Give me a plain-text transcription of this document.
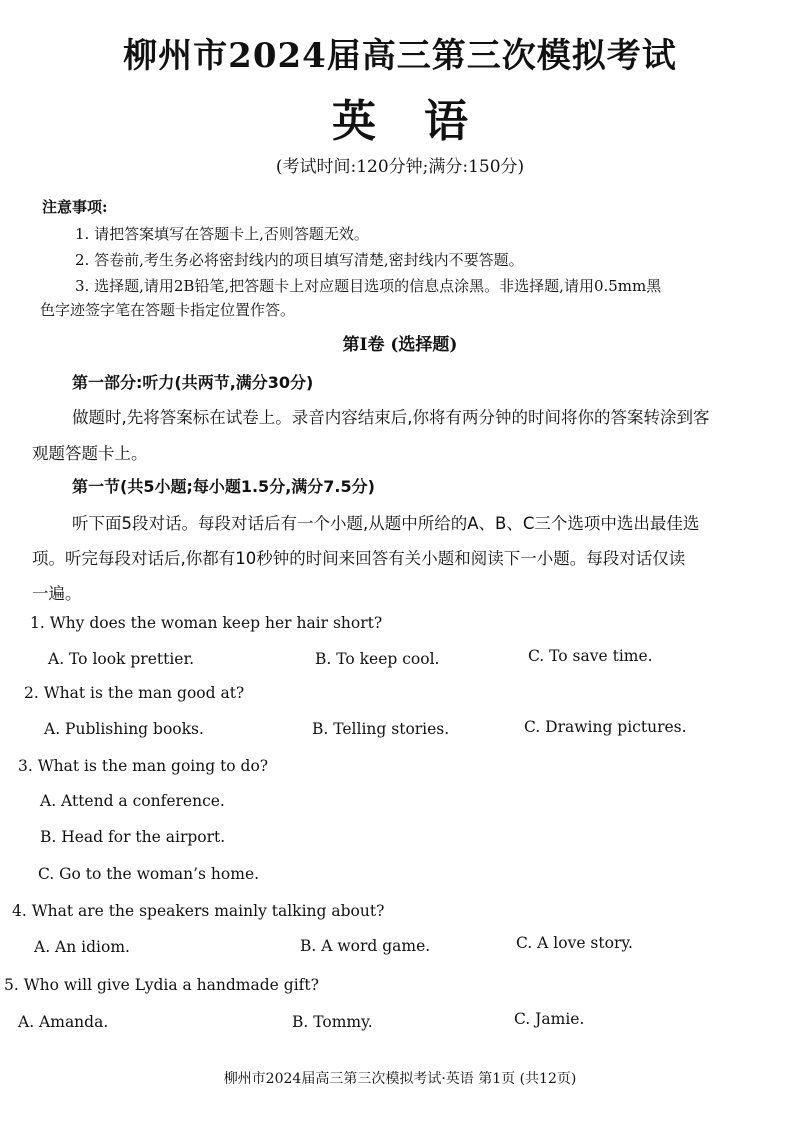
柳州市2024届高三第三次模拟考试
英 语
(考试时间:120分钟;满分:150分)
注意事项:
1. 请把答案填写在答题卡上,否则答题无效。
2. 答卷前,考生务必将密封线内的项目填写清楚,密封线内不要答题。
3. 选择题,请用2B铅笔,把答题卡上对应题目选项的信息点涂黑。非选择题,请用0.5mm黑
色字迹签字笔在答题卡指定位置作答。
第Ⅰ卷 (选择题)
第一部分:听力(共两节,满分30分)
做题时,先将答案标在试卷上。录音内容结束后,你将有两分钟的时间将你的答案转涂到客
观题答题卡上。
第一节(共5小题;每小题1.5分,满分7.5分)
听下面5段对话。每段对话后有一个小题,从题中所给的A、B、C三个选项中选出最佳选
项。听完每段对话后,你都有10秒钟的时间来回答有关小题和阅读下一小题。每段对话仅读
一遍。
1. Why does the woman keep her hair short?
A. To look prettier.	B. To keep cool.	C. To save time.
2. What is the man good at?
A. Publishing books.	B. Telling stories.	C. Drawing pictures.
3. What is the man going to do?
A. Attend a conference.
B. Head for the airport.
C. Go to the woman’s home.
4. What are the speakers mainly talking about?
A. An idiom.	B. A word game.	C. A love story.
5. Who will give Lydia a handmade gift?
A. Amanda.	B. Tommy.	C. Jamie.
柳州市2024届高三第三次模拟考试·英语 第1页 (共12页)
